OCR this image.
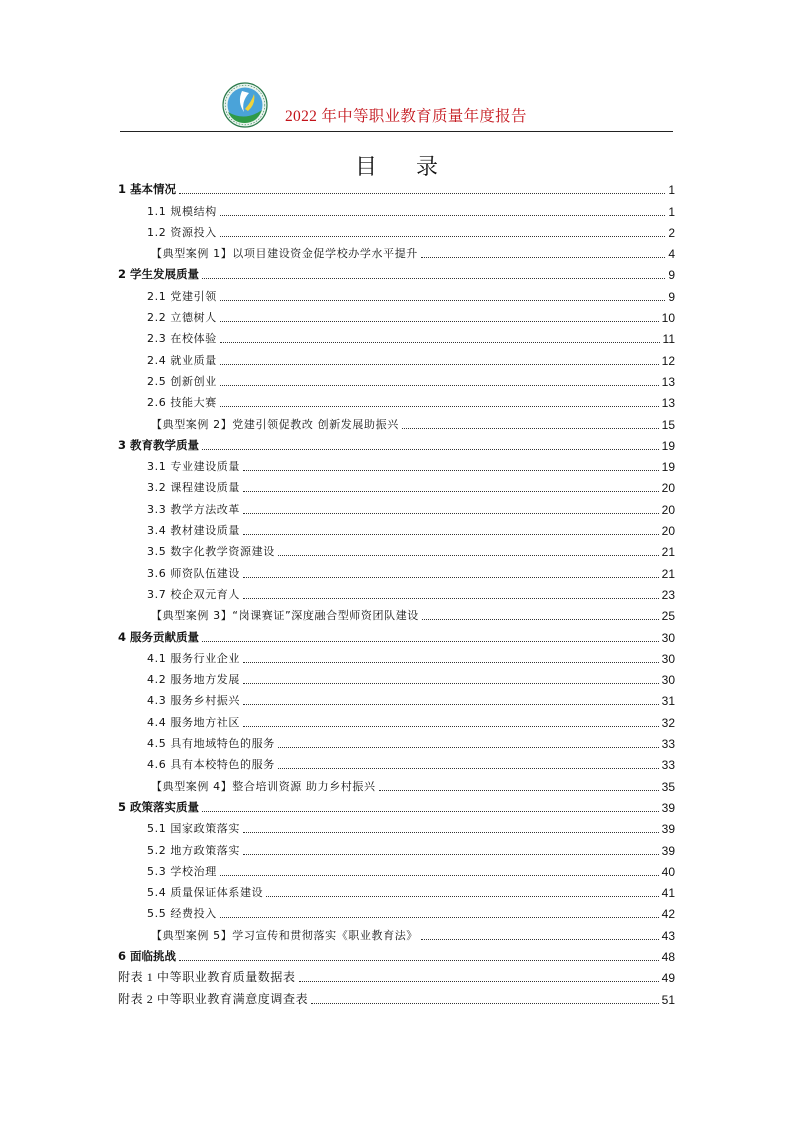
2022 年中等职业教育质量年度报告
目 录
1 基本情况	1
1.1 规模结构	1
1.2 资源投入	2
【典型案例 1】以项目建设资金促学校办学水平提升	4
2 学生发展质量	9
2.1 党建引领	9
2.2 立德树人	10
2.3 在校体验	11
2.4 就业质量	12
2.5 创新创业	13
2.6 技能大赛	13
【典型案例 2】党建引领促教改 创新发展助振兴	15
3 教育教学质量	19
3.1 专业建设质量	19
3.2 课程建设质量	20
3.3 教学方法改革	20
3.4 教材建设质量	20
3.5 数字化教学资源建设	21
3.6 师资队伍建设	21
3.7 校企双元育人	23
【典型案例 3】“岗课赛证”深度融合型师资团队建设	25
4 服务贡献质量	30
4.1 服务行业企业	30
4.2 服务地方发展	30
4.3 服务乡村振兴	31
4.4 服务地方社区	32
4.5 具有地域特色的服务	33
4.6 具有本校特色的服务	33
【典型案例 4】整合培训资源 助力乡村振兴	35
5 政策落实质量	39
5.1 国家政策落实	39
5.2 地方政策落实	39
5.3 学校治理	40
5.4 质量保证体系建设	41
5.5 经费投入	42
【典型案例 5】学习宣传和贯彻落实《职业教育法》	43
6 面临挑战	48
附表 1 中等职业教育质量数据表	49
附表 2 中等职业教育满意度调查表	51
